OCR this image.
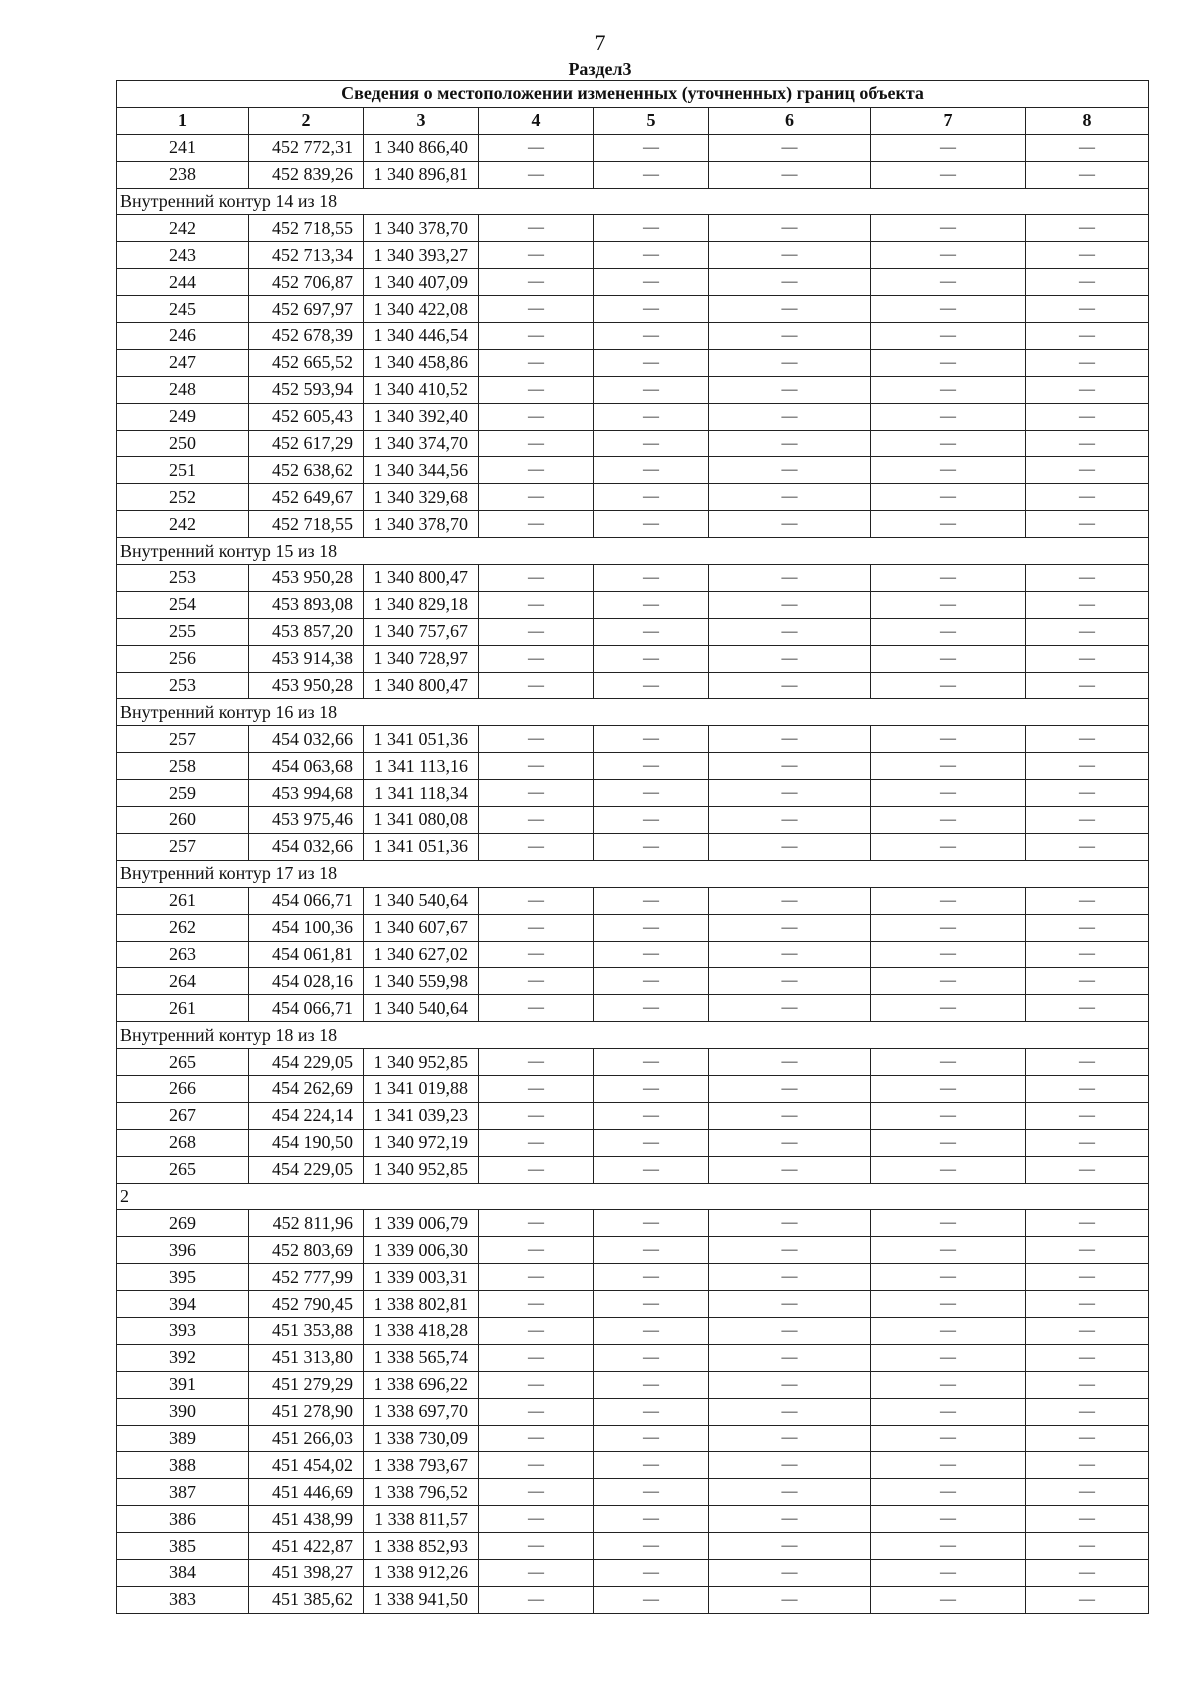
7
Раздел3
Сведения о местоположении измененных (уточненных) границ объекта							
1	2	3	4	5	6	7	8
241	452 772,31	1 340 866,40	—	—	—	—	—
238	452 839,26	1 340 896,81	—	—	—	—	—
Внутренний контур 14 из 18							
242	452 718,55	1 340 378,70	—	—	—	—	—
243	452 713,34	1 340 393,27	—	—	—	—	—
244	452 706,87	1 340 407,09	—	—	—	—	—
245	452 697,97	1 340 422,08	—	—	—	—	—
246	452 678,39	1 340 446,54	—	—	—	—	—
247	452 665,52	1 340 458,86	—	—	—	—	—
248	452 593,94	1 340 410,52	—	—	—	—	—
249	452 605,43	1 340 392,40	—	—	—	—	—
250	452 617,29	1 340 374,70	—	—	—	—	—
251	452 638,62	1 340 344,56	—	—	—	—	—
252	452 649,67	1 340 329,68	—	—	—	—	—
242	452 718,55	1 340 378,70	—	—	—	—	—
Внутренний контур 15 из 18							
253	453 950,28	1 340 800,47	—	—	—	—	—
254	453 893,08	1 340 829,18	—	—	—	—	—
255	453 857,20	1 340 757,67	—	—	—	—	—
256	453 914,38	1 340 728,97	—	—	—	—	—
253	453 950,28	1 340 800,47	—	—	—	—	—
Внутренний контур 16 из 18							
257	454 032,66	1 341 051,36	—	—	—	—	—
258	454 063,68	1 341 113,16	—	—	—	—	—
259	453 994,68	1 341 118,34	—	—	—	—	—
260	453 975,46	1 341 080,08	—	—	—	—	—
257	454 032,66	1 341 051,36	—	—	—	—	—
Внутренний контур 17 из 18							
261	454 066,71	1 340 540,64	—	—	—	—	—
262	454 100,36	1 340 607,67	—	—	—	—	—
263	454 061,81	1 340 627,02	—	—	—	—	—
264	454 028,16	1 340 559,98	—	—	—	—	—
261	454 066,71	1 340 540,64	—	—	—	—	—
Внутренний контур 18 из 18							
265	454 229,05	1 340 952,85	—	—	—	—	—
266	454 262,69	1 341 019,88	—	—	—	—	—
267	454 224,14	1 341 039,23	—	—	—	—	—
268	454 190,50	1 340 972,19	—	—	—	—	—
265	454 229,05	1 340 952,85	—	—	—	—	—
2							
269	452 811,96	1 339 006,79	—	—	—	—	—
396	452 803,69	1 339 006,30	—	—	—	—	—
395	452 777,99	1 339 003,31	—	—	—	—	—
394	452 790,45	1 338 802,81	—	—	—	—	—
393	451 353,88	1 338 418,28	—	—	—	—	—
392	451 313,80	1 338 565,74	—	—	—	—	—
391	451 279,29	1 338 696,22	—	—	—	—	—
390	451 278,90	1 338 697,70	—	—	—	—	—
389	451 266,03	1 338 730,09	—	—	—	—	—
388	451 454,02	1 338 793,67	—	—	—	—	—
387	451 446,69	1 338 796,52	—	—	—	—	—
386	451 438,99	1 338 811,57	—	—	—	—	—
385	451 422,87	1 338 852,93	—	—	—	—	—
384	451 398,27	1 338 912,26	—	—	—	—	—
383	451 385,62	1 338 941,50	—	—	—	—	—
